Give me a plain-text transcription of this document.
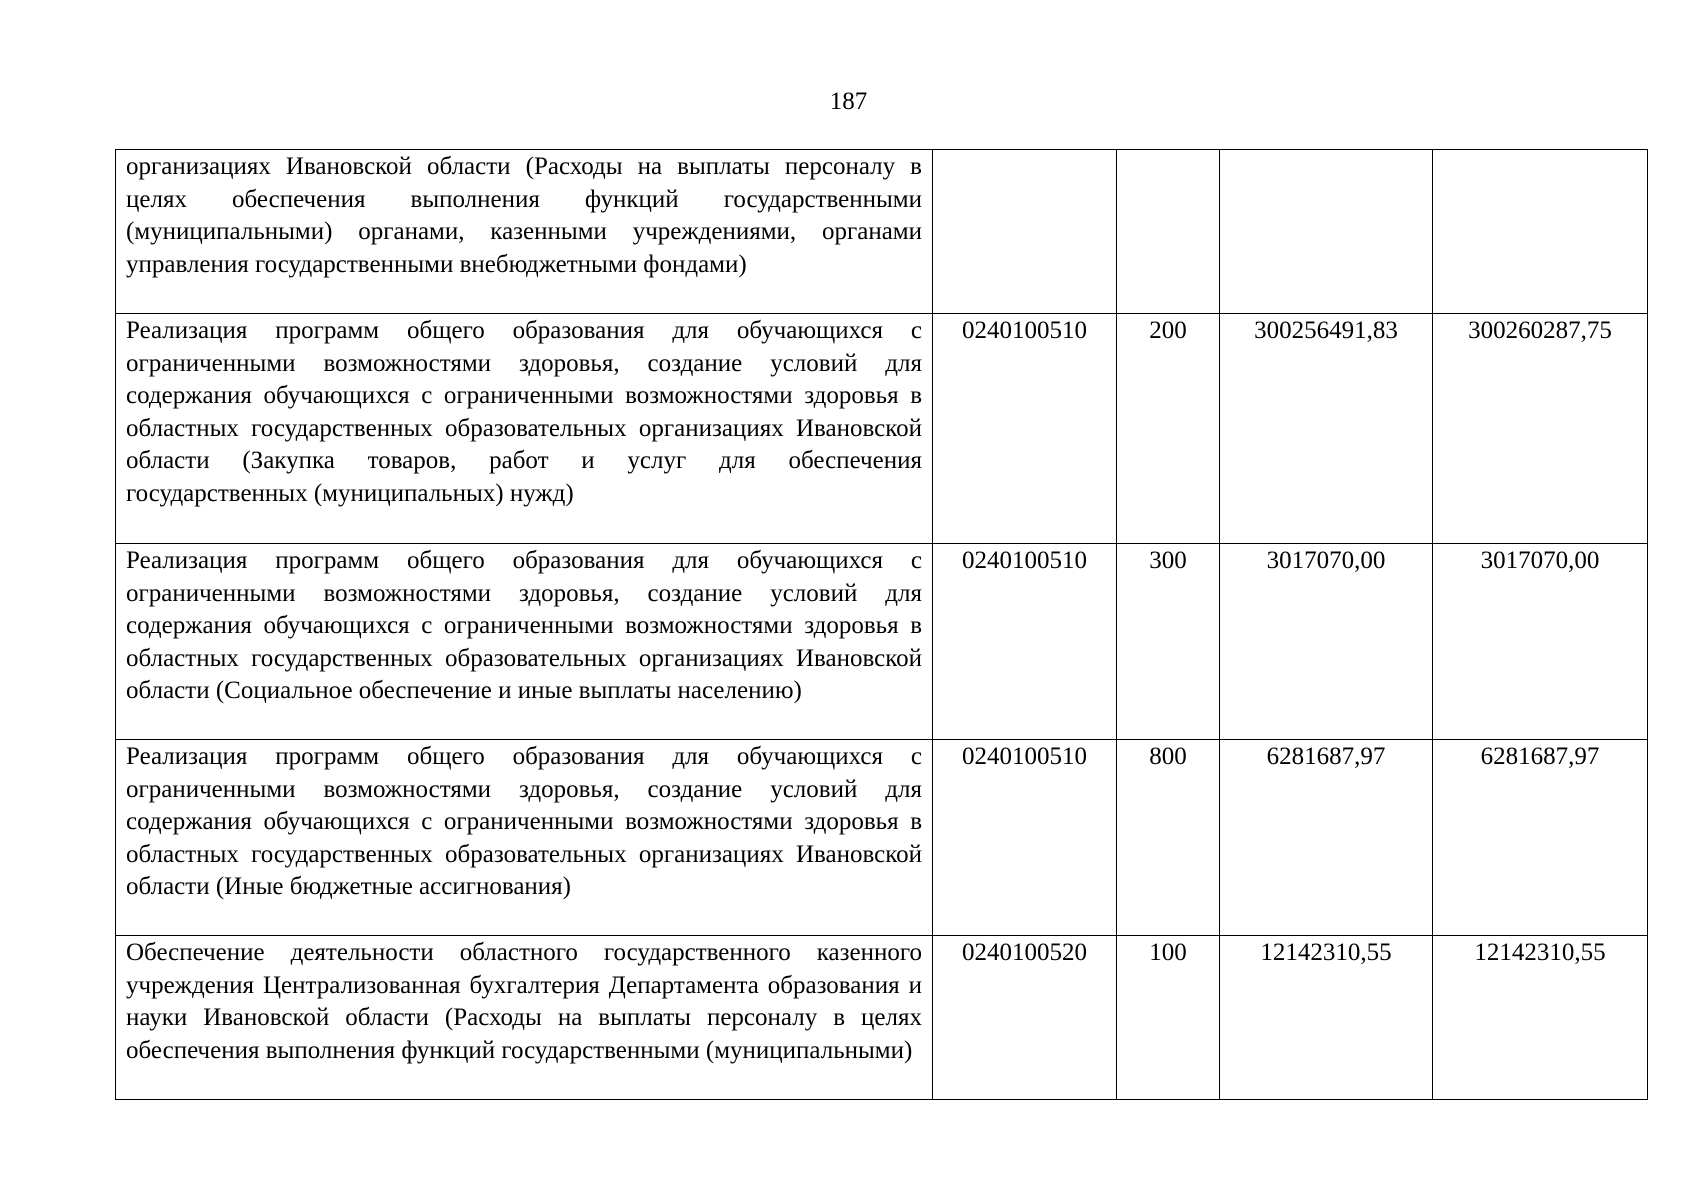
187
организациях Ивановской области (Расходы на выплаты персоналу в целях обеспечения выполнения функций государственными (муниципальными) органами, казенными учреждениями, органами управления государственными внебюджетными фондами)				
Реализация программ общего образования для обучающихся с ограниченными возможностями здоровья, создание условий для содержания обучающихся с ограниченными возможностями здоровья в областных государственных образовательных организациях Ивановской области (Закупка товаров, работ и услуг для обеспечения государственных (муниципальных) нужд)	0240100510	200	300256491,83	300260287,75
Реализация программ общего образования для обучающихся с ограниченными возможностями здоровья, создание условий для содержания обучающихся с ограниченными возможностями здоровья в областных государственных образовательных организациях Ивановской области (Социальное обеспечение и иные выплаты населению)	0240100510	300	3017070,00	3017070,00
Реализация программ общего образования для обучающихся с ограниченными возможностями здоровья, создание условий для содержания обучающихся с ограниченными возможностями здоровья в областных государственных образовательных организациях Ивановской области (Иные бюджетные ассигнования)	0240100510	800	6281687,97	6281687,97
Обеспечение деятельности областного государственного казенного учреждения Централизованная бухгалтерия Департамента образования и науки Ивановской области (Расходы на выплаты персоналу в целях обеспечения выполнения функций государственными (муниципальными)	0240100520	100	12142310,55	12142310,55
